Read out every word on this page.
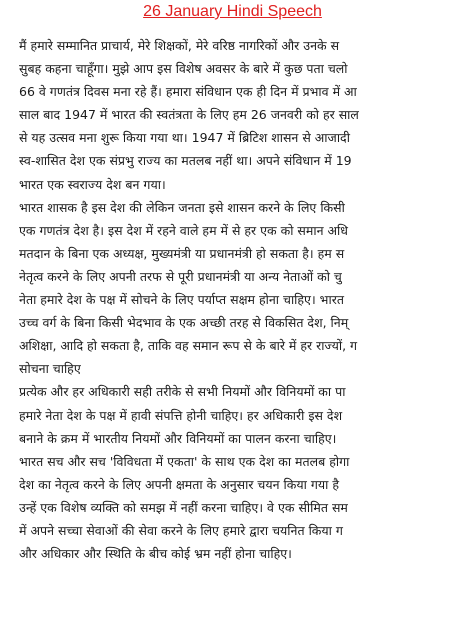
26 January Hindi Speech
मैं हमारे सम्मानित प्राचार्य, मेरे शिक्षकों, मेरे वरिष्ठ नागरिकों और उनके स
सुबह कहना चाहूँगा। मुझे आप इस विशेष अवसर के बारे में कुछ पता चलो
66 वे गणतंत्र दिवस मना रहे हैं। हमारा संविधान एक ही दिन में प्रभाव में आ
साल बाद 1947 में भारत की स्वतंत्रता के लिए हम 26 जनवरी को हर साल
से यह उत्सव मना शुरू किया गया था। 1947 में ब्रिटिश शासन से आजादी
स्व-शासित देश एक संप्रभु राज्य का मतलब नहीं था। अपने संविधान में 19
भारत एक स्वराज्य देश बन गया।
भारत शासक है इस देश की लेकिन जनता इसे शासन करने के लिए किसी
एक गणतंत्र देश है। इस देश में रहने वाले हम में से हर एक को समान अधि
मतदान के बिना एक अध्यक्ष, मुख्यमंत्री या प्रधानमंत्री हो सकता है। हम स
नेतृत्व करने के लिए अपनी तरफ से पूरी प्रधानमंत्री या अन्य नेताओं को चु
नेता हमारे देश के पक्ष में सोचने के लिए पर्याप्त सक्षम होना चाहिए। भारत
उच्च वर्ग के बिना किसी भेदभाव के एक अच्छी तरह से विकसित देश, निम्
अशिक्षा, आदि हो सकता है, ताकि वह समान रूप से के बारे में हर राज्यों, ग
सोचना चाहिए
प्रत्येक और हर अधिकारी सही तरीके से सभी नियमों और विनियमों का पा
हमारे नेता देश के पक्ष में हावी संपत्ति होनी चाहिए। हर अधिकारी इस देश
बनाने के क्रम में भारतीय नियमों और विनियमों का पालन करना चाहिए।
भारत सच और सच 'विविधता में एकता' के साथ एक देश का मतलब होगा
देश का नेतृत्व करने के लिए अपनी क्षमता के अनुसार चयन किया गया है
उन्हें एक विशेष व्यक्ति को समझ में नहीं करना चाहिए। वे एक सीमित सम
में अपने सच्चा सेवाओं की सेवा करने के लिए हमारे द्वारा चयनित किया ग
और अधिकार और स्थिति के बीच कोई भ्रम नहीं होना चाहिए।
